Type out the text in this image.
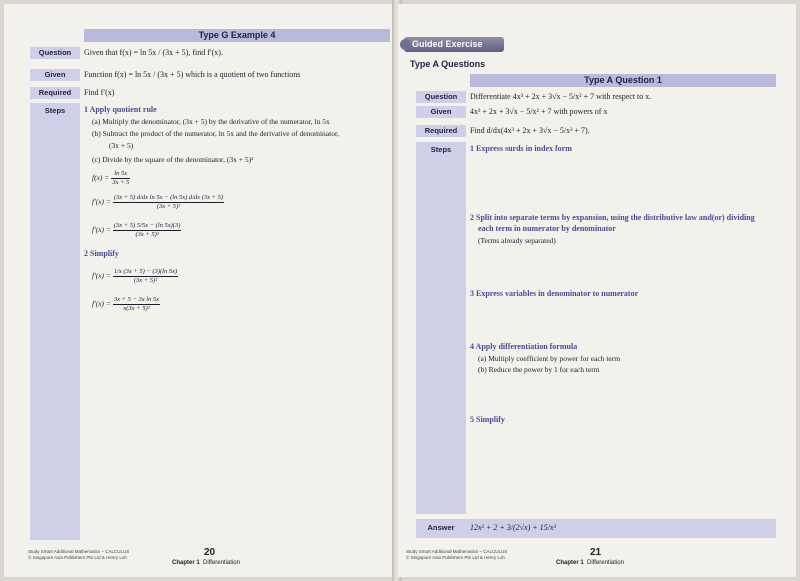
Type G Example 4
Question	Given that f(x) = ln 5x / (3x + 5), find f′(x).
Given	Function f(x) = ln 5x / (3x + 5) which is a quotient of two functions
Required	Find f′(x)
Steps	1 Apply quotient rule
(a) Multiply the denominator, (3x + 5) by the derivative of the numerator, ln 5x
(b) Subtract the product of the numerator, ln 5x and the derivative of denominator,
(3x + 5)
(c) Divide by the square of the denominator, (3x + 5)²
$f(x) = \frac{\ln 5x}{3x + 5}$
$f'(x) = \frac{\text{(3x + 5) d/dx ln 5x − (ln 5x) d/dx (3x + 5)}}{\text{(3x + 5)²}}$
$f'(x) = \frac{(3x + 5) 5/5x - (\ln 5x)(3)}{\text{(3x + 5)²}}$
2 Simplify
$f'(x) = \frac{1/x (3x + 5) - (3)(\ln 5x)}{\text{(3x + 5)²}}$
$f'(x) = \frac{\text{3x + 5 − 3x ln 5x}}{\text{x(3x + 5)²}}$
Study Smart Additional Mathematics – CALCULUS
© Singapore Asia Publishers Pte Ltd & Henry Loh	20
Chapter 1 Differentiation
Guided Exercise
Type A Questions
Type A Question 1
Question	Differentiate 4x³ + 2x + 3√x − 5/x² + 7 with respect to x.
Given	4x³ + 2x + 3√x − 5/x² + 7 with powers of x
Required	Find d/dx(4x³ + 2x + 3√x − 5/x² + 7).
Steps	1 Express surds in index form
2 Split into separate terms by expansion, using the distributive law and(or) dividing
each term in numerator by denominator
(Terms already separated)
3 Express variables in denominator to numerator
4 Apply differentiation formula
(a) Multiply coefficient by power for each term
(b) Reduce the power by 1 for each term
5 Simplify
Answer	12x² + 2 + 3/(2√x) + 15/x³
Study Smart Additional Mathematics – CALCULUS
© Singapore Asia Publishers Pte Ltd & Henry Loh	21
Chapter 1 Differentiation
